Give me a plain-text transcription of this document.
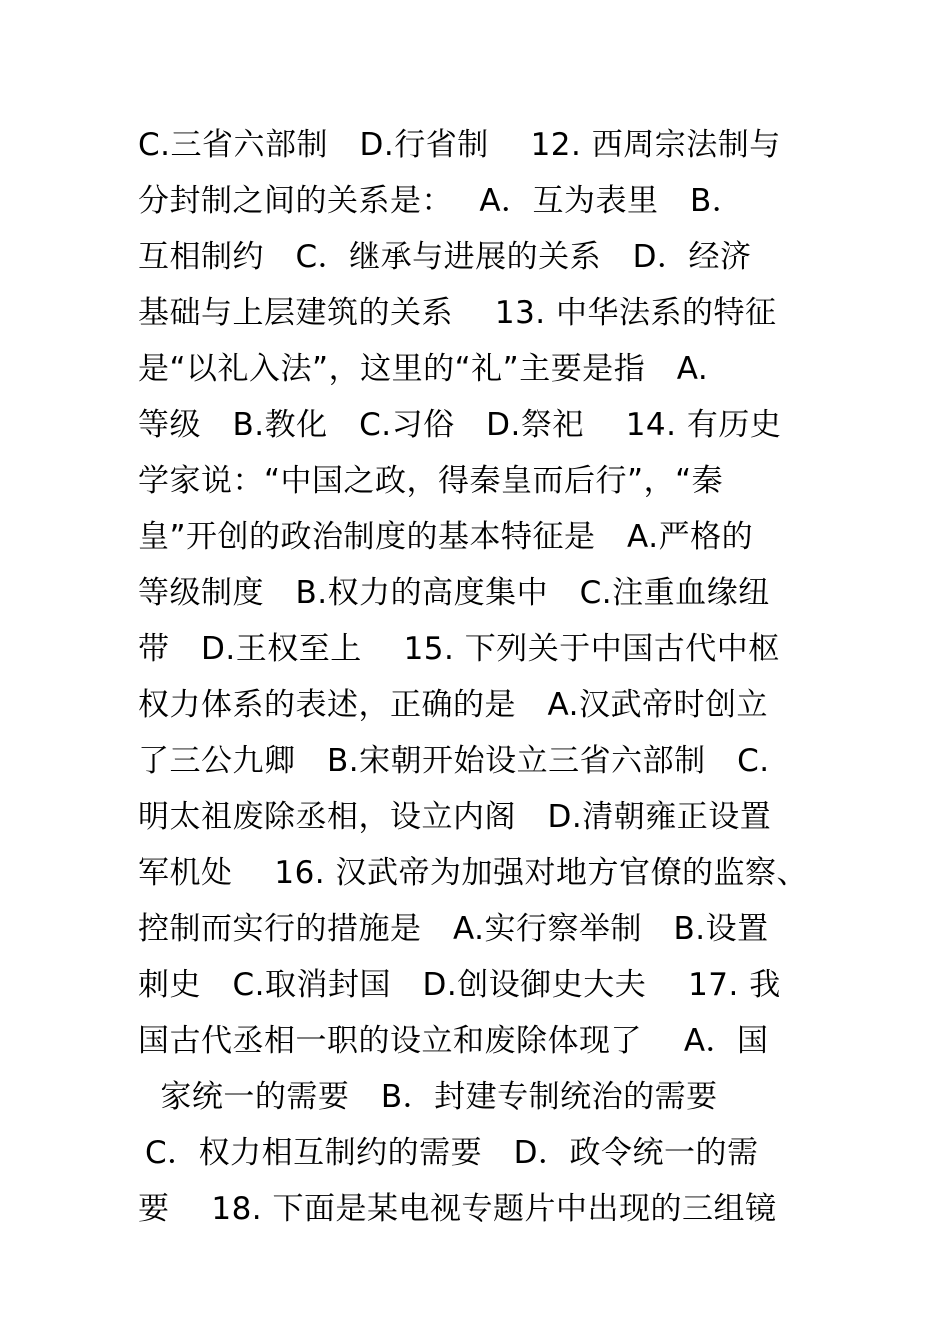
C.三省六部制　D.行省制　 12. 西周宗法制与
分封制之间的关系是：　 A．互为表里　B．
互相制约　C．继承与进展的关系　D．经济
基础与上层建筑的关系　 13. 中华法系的特征
是“以礼入法”，这里的“礼”主要是指　A.
等级　B.教化　C.习俗　D.祭祀　 14. 有历史
学家说：“中国之政，得秦皇而后行”，“秦
皇”开创的政治制度的基本特征是　A.严格的
等级制度　B.权力的高度集中　C.注重血缘纽
带　D.王权至上　 15. 下列关于中国古代中枢
权力体系的表述，正确的是　A.汉武帝时创立
了三公九卿　B.宋朝开始设立三省六部制　C.
明太祖废除丞相，设立内阁　D.清朝雍正设置
军机处　 16. 汉武帝为加强对地方官僚的监察、
控制而实行的措施是　A.实行察举制　B.设置
刺史　C.取消封国　D.创设御史大夫　 17. 我
国古代丞相一职的设立和废除体现了　 A．国
家统一的需要　B．封建专制统治的需要
C．权力相互制约的需要　D．政令统一的需
要　 18. 下面是某电视专题片中出现的三组镜
